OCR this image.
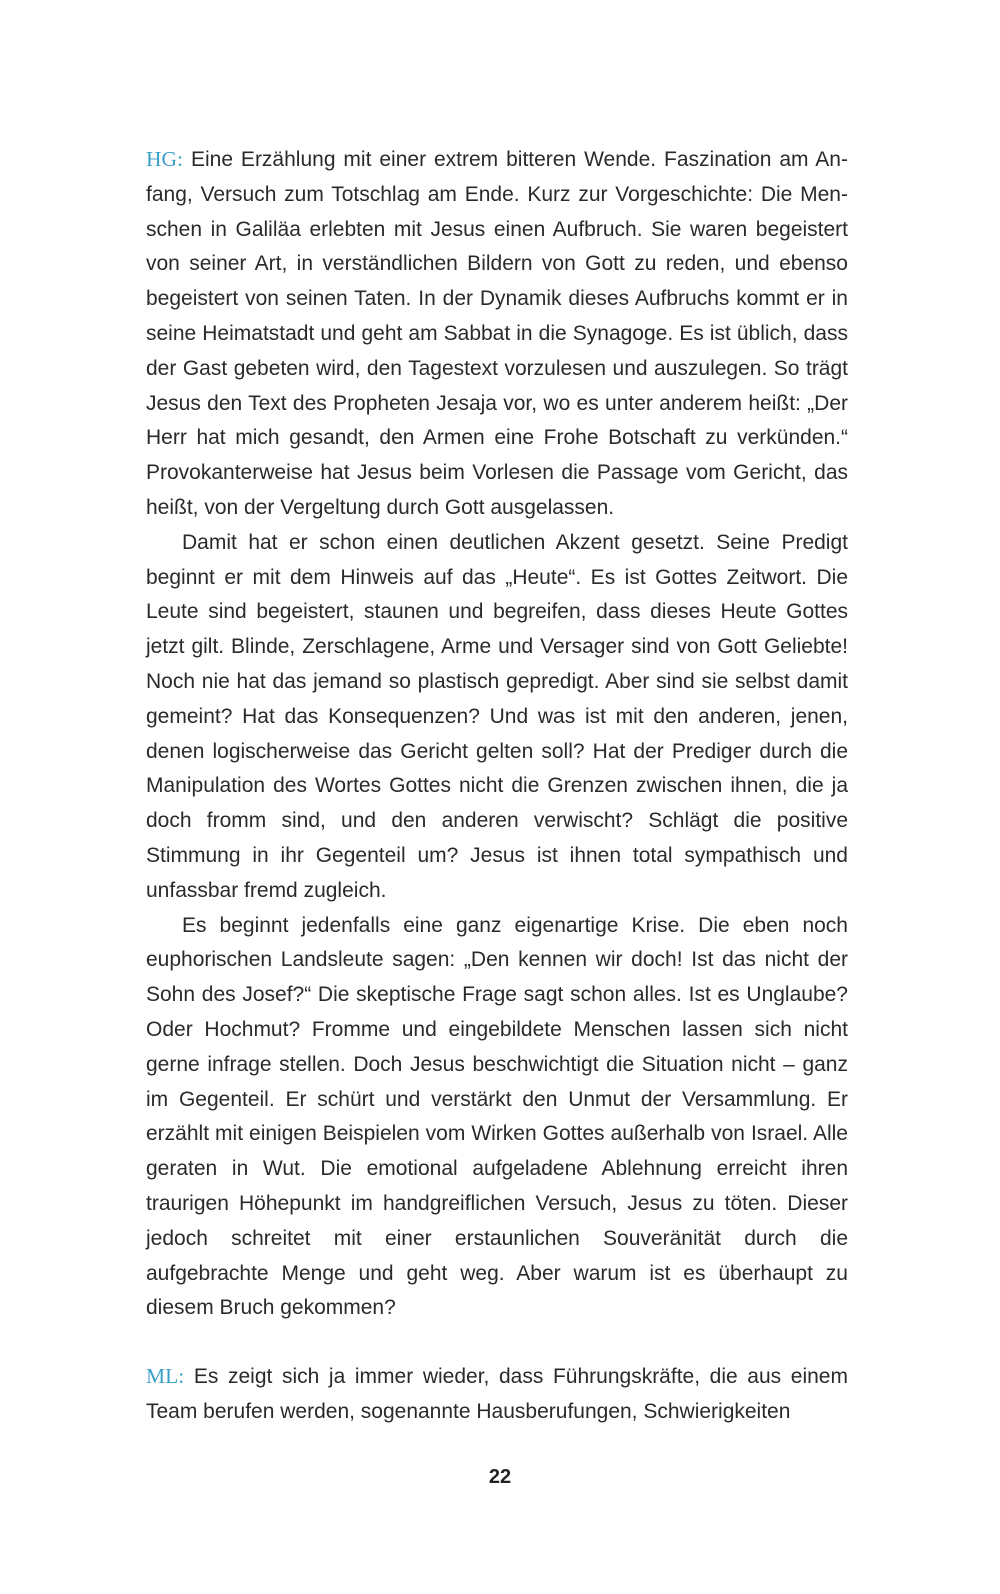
HG: Eine Erzählung mit einer extrem bitteren Wende. Faszination am Anfang, Versuch zum Totschlag am Ende. Kurz zur Vorgeschichte: Die Menschen in Galiläa erlebten mit Jesus einen Aufbruch. Sie waren begeistert von seiner Art, in verständlichen Bildern von Gott zu reden, und ebenso begeistert von seinen Taten. In der Dynamik dieses Aufbruchs kommt er in seine Heimatstadt und geht am Sabbat in die Synagoge. Es ist üblich, dass der Gast gebeten wird, den Tagestext vorzulesen und auszulegen. So trägt Jesus den Text des Propheten Jesaja vor, wo es unter anderem heißt: „Der Herr hat mich gesandt, den Armen eine Frohe Botschaft zu verkünden.“ Provokanterweise hat Jesus beim Vorlesen die Passage vom Gericht, das heißt, von der Vergeltung durch Gott ausgelassen.

Damit hat er schon einen deutlichen Akzent gesetzt. Seine Predigt beginnt er mit dem Hinweis auf das „Heute“. Es ist Gottes Zeitwort. Die Leute sind begeistert, staunen und begreifen, dass dieses Heute Gottes jetzt gilt. Blinde, Zerschlagene, Arme und Versager sind von Gott Geliebte! Noch nie hat das jemand so plastisch gepredigt. Aber sind sie selbst damit gemeint? Hat das Konsequenzen? Und was ist mit den anderen, jenen, denen logischerweise das Gericht gelten soll? Hat der Prediger durch die Manipulation des Wortes Gottes nicht die Grenzen zwischen ihnen, die ja doch fromm sind, und den anderen verwischt? Schlägt die positive Stimmung in ihr Gegenteil um? Jesus ist ihnen total sympathisch und unfassbar fremd zugleich.

Es beginnt jedenfalls eine ganz eigenartige Krise. Die eben noch euphorischen Landsleute sagen: „Den kennen wir doch! Ist das nicht der Sohn des Josef?“ Die skeptische Frage sagt schon alles. Ist es Unglaube? Oder Hochmut? Fromme und eingebildete Menschen lassen sich nicht gerne infrage stellen. Doch Jesus beschwichtigt die Situation nicht – ganz im Gegenteil. Er schürt und verstärkt den Unmut der Versammlung. Er erzählt mit einigen Beispielen vom Wirken Gottes außerhalb von Israel. Alle geraten in Wut. Die emotional aufgeladene Ablehnung erreicht ihren traurigen Höhepunkt im handgreiflichen Versuch, Jesus zu töten. Dieser jedoch schreitet mit einer erstaunlichen Souveränität durch die aufgebrachte Menge und geht weg. Aber warum ist es überhaupt zu diesem Bruch gekommen?

ML: Es zeigt sich ja immer wieder, dass Führungskräfte, die aus einem Team berufen werden, sogenannte Hausberufungen, Schwierigkeiten

22
